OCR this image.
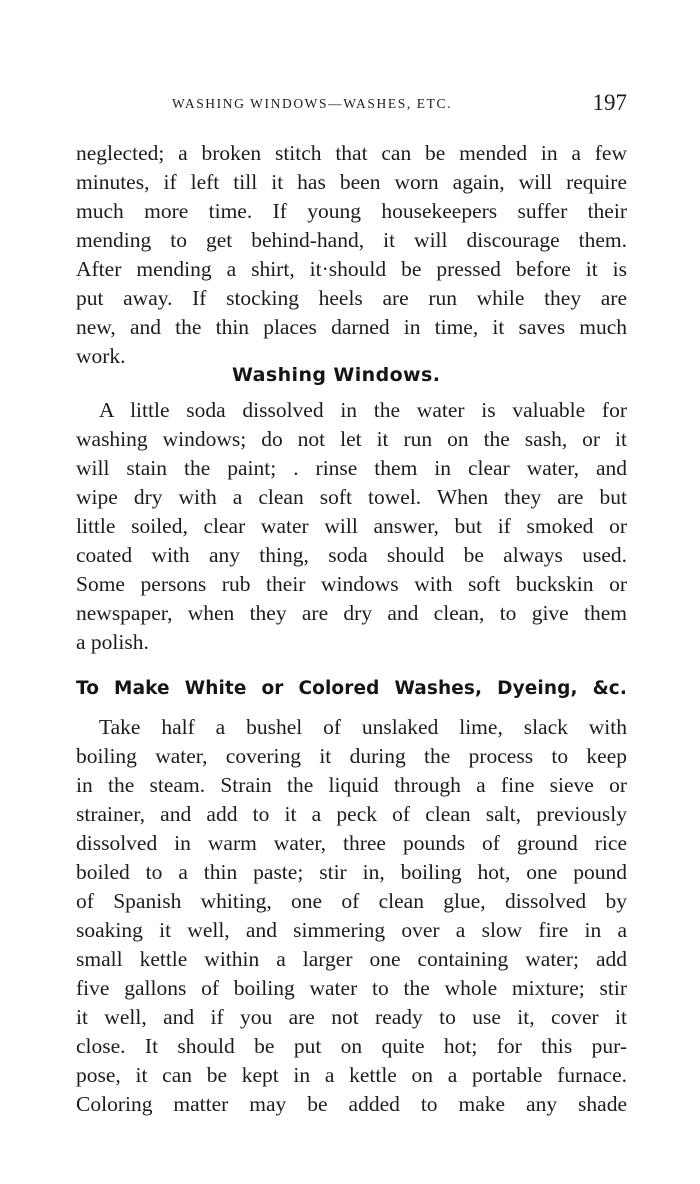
WASHING WINDOWS—WASHES, ETC.	197
neglected; a broken stitch that can be mended in a few
minutes, if left till it has been worn again, will require
much more time. If young housekeepers suffer their
mending to get behind-hand, it will discourage them.
After mending a shirt, it·should be pressed before it is
put away. If stocking heels are run while they are
new, and the thin places darned in time, it saves much
work.
Washing Windows.
A little soda dissolved in the water is valuable for
washing windows; do not let it run on the sash, or it
will stain the paint; . rinse them in clear water, and
wipe dry with a clean soft towel. When they are but
little soiled, clear water will answer, but if smoked or
coated with any thing, soda should be always used.
Some persons rub their windows with soft buckskin or
newspaper, when they are dry and clean, to give them
a polish.
To Make White or Colored Washes, Dyeing, &c.
Take half a bushel of unslaked lime, slack with
boiling water, covering it during the process to keep
in the steam. Strain the liquid through a fine sieve or
strainer, and add to it a peck of clean salt, previously
dissolved in warm water, three pounds of ground rice
boiled to a thin paste; stir in, boiling hot, one pound
of Spanish whiting, one of clean glue, dissolved by
soaking it well, and simmering over a slow fire in a
small kettle within a larger one containing water; add
five gallons of boiling water to the whole mixture; stir
it well, and if you are not ready to use it, cover it
close. It should be put on quite hot; for this pur-
pose, it can be kept in a kettle on a portable furnace.
Coloring matter may be added to make any shade
